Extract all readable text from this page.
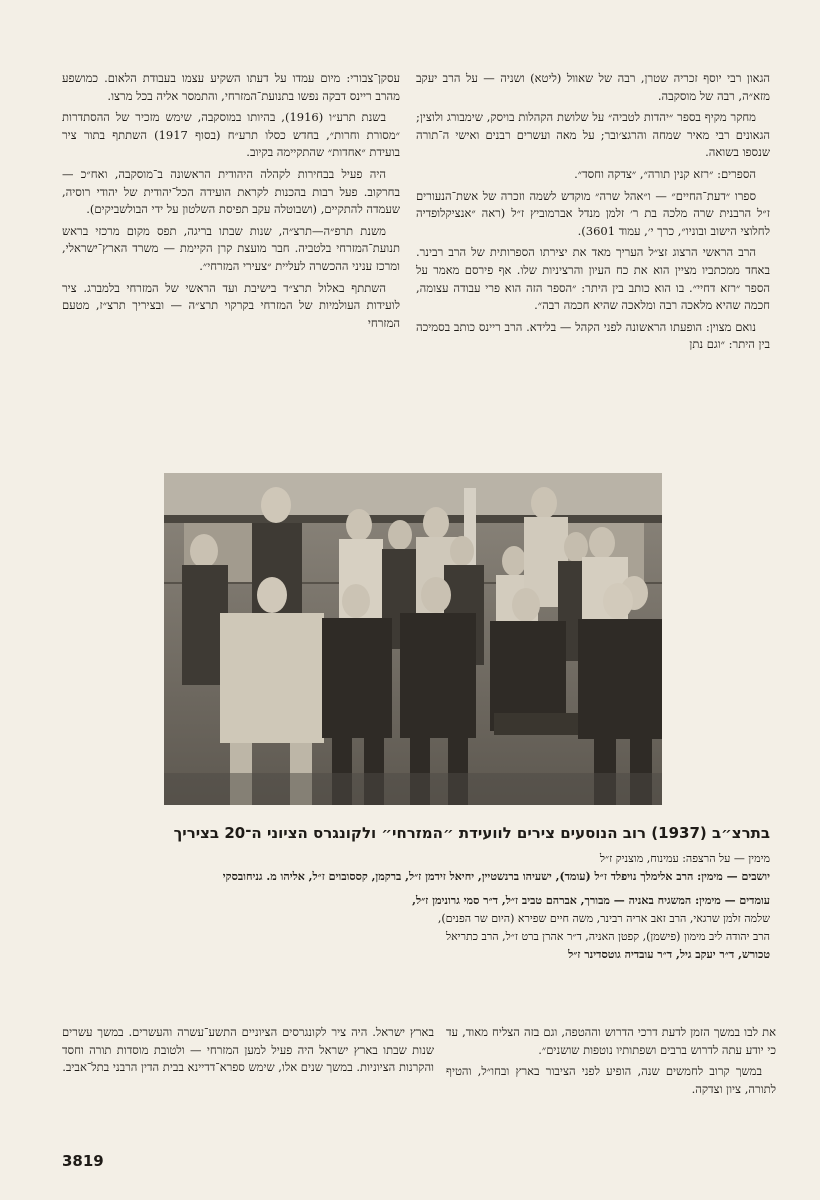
הגאון רבי יוסף זכריה שטרן, רבה של שאוול (ליטא) ושניה — על הרב יעקב מזא״ה, רבה של מוסקבה.

מחקר מקיף בספר ״יהדות לטביה״ על שלושת הקהלות בויסק, שימבורג ולוצין; הגאונים רבי מאיר שמחה והרגצ׳ובר; על מאה ועשרים רבנים ואישי ה־תורה שנספו בשואה.

הספרים: ״רזא קנין תורה״, ״צדקה וחסד״.

ספרו ״דעת־החיים״ — ו״אהל שרה״ מוקדש לשמה וזכרה של אשת־הנעורים ז״ל הרבנית שרה מלכה בת ר׳ זלמן מנדל אברמוביץ ז״ל (ראה ״אנציקלופדיה לחלוצי הישוב ובוניו״, כרך י׳, עמוד 3601).

הרב הראשי הרצוג זצ״ל העריך מאד את יצירתו הספרותית של הרב רבינר. באחד ממכתביו מציין הוא את כח העיון והרציניות שלו. אף פירסם מאמר על הספר ״רזא דחיי״. בו הוא כותב בין היתר: ״הספר הזה הוא פרי עבודה עצומה, חכמה שהיא מלאכה רבה ומלאכה שהיא חכמה רבה״.

נואם מצוין: הופעתו הראשונה לפני הקהל — בלידא. הרב ריינס כותב בסמיכה בין היתר: ״וגם נתן

עסקן־צבורי: מיום עמדו על דעתו השקיע עצמו בעבודת הלאום. כמושפע מהרב ריינס דבקה נפשו בתנועת־המזרחי, והתמסר אליה בכל מרצו.

בשנת תרע״ו (1916), בהיותו במוסקבה, שימש מזכיר של ההסתדרות ״מסורת וחרות״, בחדש כסלו תרע״ח (בסוף 1917) השתתף בתור ציר בועידת ״אחדות״ שהתקיימה בקיוב.

היה פעיל בבחירות לקהלה היהודית הראשונה ב־מוסקבה, ואח״כ — בחרקוב. פעל רבות בהכנות לקראת הועידה הכל־יהודית של יהודי רוסיה, שעמדה להתקיים, (ושבוטלה עקב תפיסת השלטון על ידי הבולשביקים).

משנת תרפ״ה—תרצ״ה, שנות שבתו בריגה, תפס מקום מרכזי בראש תנועת־המזרחי בלטביה. חבר מועצת קרן הקיימת — משרד הארץ־ישראלי, ומרכז עניני ההכשרה לעליית ״צעירי המזרחי״.

השתתף באלול תרצ״ד בישיבת ועד הראשי של המזרחי בלמברג. ציר לועידות העולמיות של המזרחי בקרקוי תרצ״ה — ובציריך תרצ״ז, מטעם המזרחי

בתרצ״ב (1937) רוב הנוסעים צירים לוועידת ״המזרחי״ ולקונגרס הציוני ה־20 בציריך

מימין — על הרצפה: עמינוח, מוצניק ז״ל

יושבים — מימין: הרב אלימלך נויפלד ז״ל (עומד), ישעיהו ברנשטיין, יחיאל זידמן ז״ל, ברקמן, קססובוים ז״ל, אליהו מ. גניחובסקי

עומדים — מימין: המשגיח באניה — מבורך, אברהם טביב ז״ל, ד״ר סמי גרונימן ז״ל,

שלמה זלמן שרגאי, הרב זאב אריה רבינר, משה חיים שפירא (היום שר הפנים),

הרב יהודה ליב מימון (פישמן), קפטן האניה, ד״ר אהרן ברט ז״ל, הרב כתריאל

טכורש, ד״ר יעקב גיל, ד״ר עובדיה גוטסדינר ז״ל

את לבו במשך הזמן לדעת דרכי הדרוש וההטפה, וגם בזה הצליח מאוד, עד כי יודע עתה לדרוש ברבים ושפתותיו נוטפות שושנים״.

במשך קרוב לחמשים שנה, הופיע לפני הציבור בארץ ובחו״ל, והטיף לתורה, ציון וצדקה.

בארץ ישראל. היה ציר לקונגרסים הציוניים התשע־עשרה והעשרים. במשך עשרים שנות שבתו בארץ ישראל היה פעיל למען המזרחי — ולטובת מוסדות תורה וחסד והקרנות הציוניות. במשך שנים אלו, שימש ספרא־דדיינא בבית הדין הרבני בתל־אביב.

3819
